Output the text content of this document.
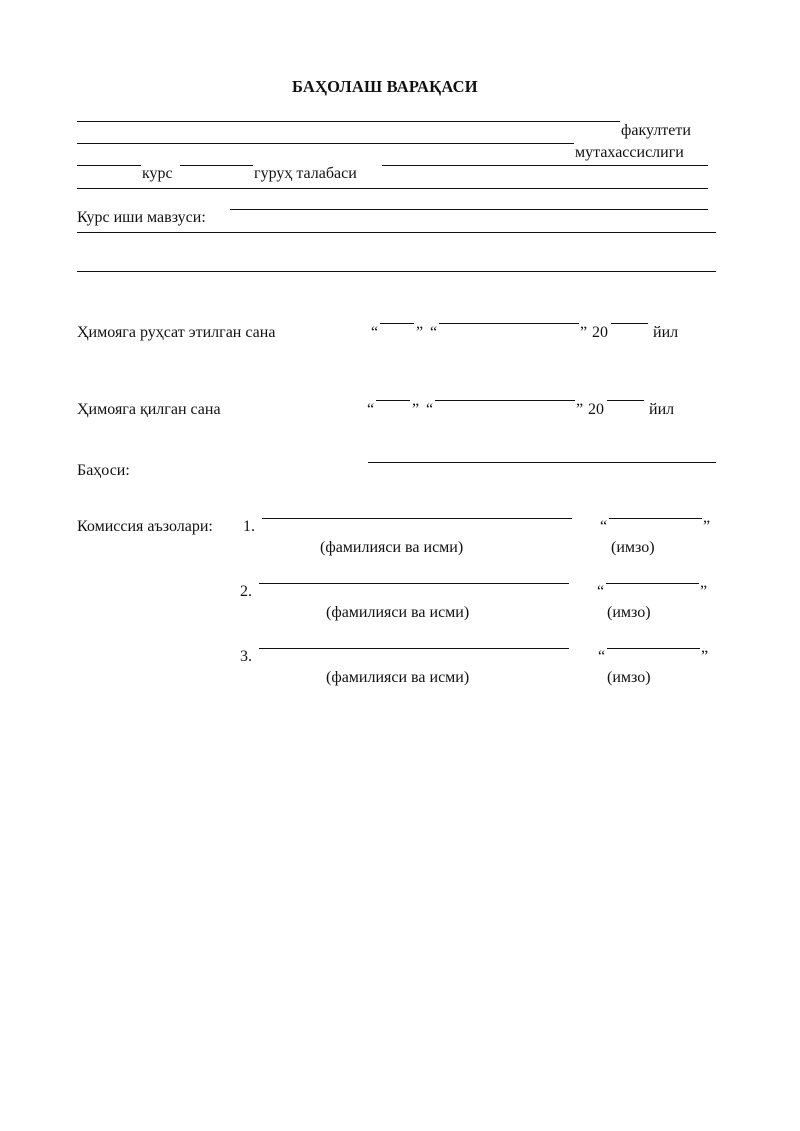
БАҲОЛАШ ВАРАҚАСИ
факултети
мутахассислиги
курс	гуруҳ талабаси
Курс иши мавзуси:
Ҳимояга руҳсат этилган сана	“ ” “	” 20	йил
Ҳимояга қилган сана	“ ” “	” 20	йил
Баҳоси:
Комиссия аъзолари: 1.	“	”
(фамилияси ва исми)	(имзо)
2.	“	”
(фамилияси ва исми)	(имзо)
3.	“	”
(фамилияси ва исми)	(имзо)
